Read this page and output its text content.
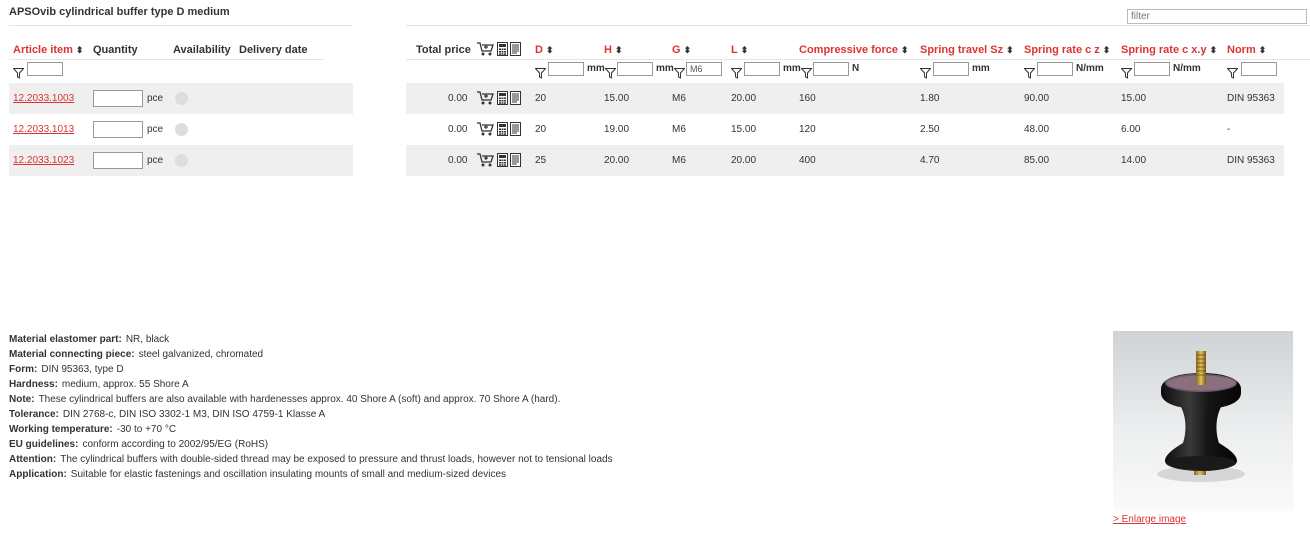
APSOvib cylindrical buffer type D medium
filter
Article item ⬍ Quantity	Availability Delivery date	Total price	D ⬍	H ⬍	G ⬍	L ⬍	Compressive force ⬍ Spring travel Sz ⬍ Spring rate c z ⬍ Spring rate c x.y ⬍ Norm ⬍
mm	mm
M6	mm	N	mm	N/mm	N/mm
12.2033.1003	pce	0.00	20	15.00	M6	20.00	160	1.80	90.00	15.00	DIN 95363
12.2033.1013	pce	0.00	20	19.00	M6	15.00	120	2.50	48.00	6.00	-
12.2033.1023	pce	0.00	25	20.00	M6	20.00	400	4.70	85.00	14.00	DIN 95363
Material elastomer part: NR, black
Material connecting piece: steel galvanized, chromated
Form: DIN 95363, type D
Hardness: medium, approx. 55 Shore A
Note: These cylindrical buffers are also available with hardenesses approx. 40 Shore A (soft) and approx. 70 Shore A (hard).
Tolerance: DIN 2768-c, DIN ISO 3302-1 M3, DIN ISO 4759-1 Klasse A
Working temperature: -30 to +70 °C
EU guidelines: conform according to 2002/95/EG (RoHS)
Attention: The cylindrical buffers with double-sided thread may be exposed to pressure and thrust loads, however not to tensional loads
Application: Suitable for elastic fastenings and oscillation insulating mounts of small and medium-sized devices
> Enlarge image
